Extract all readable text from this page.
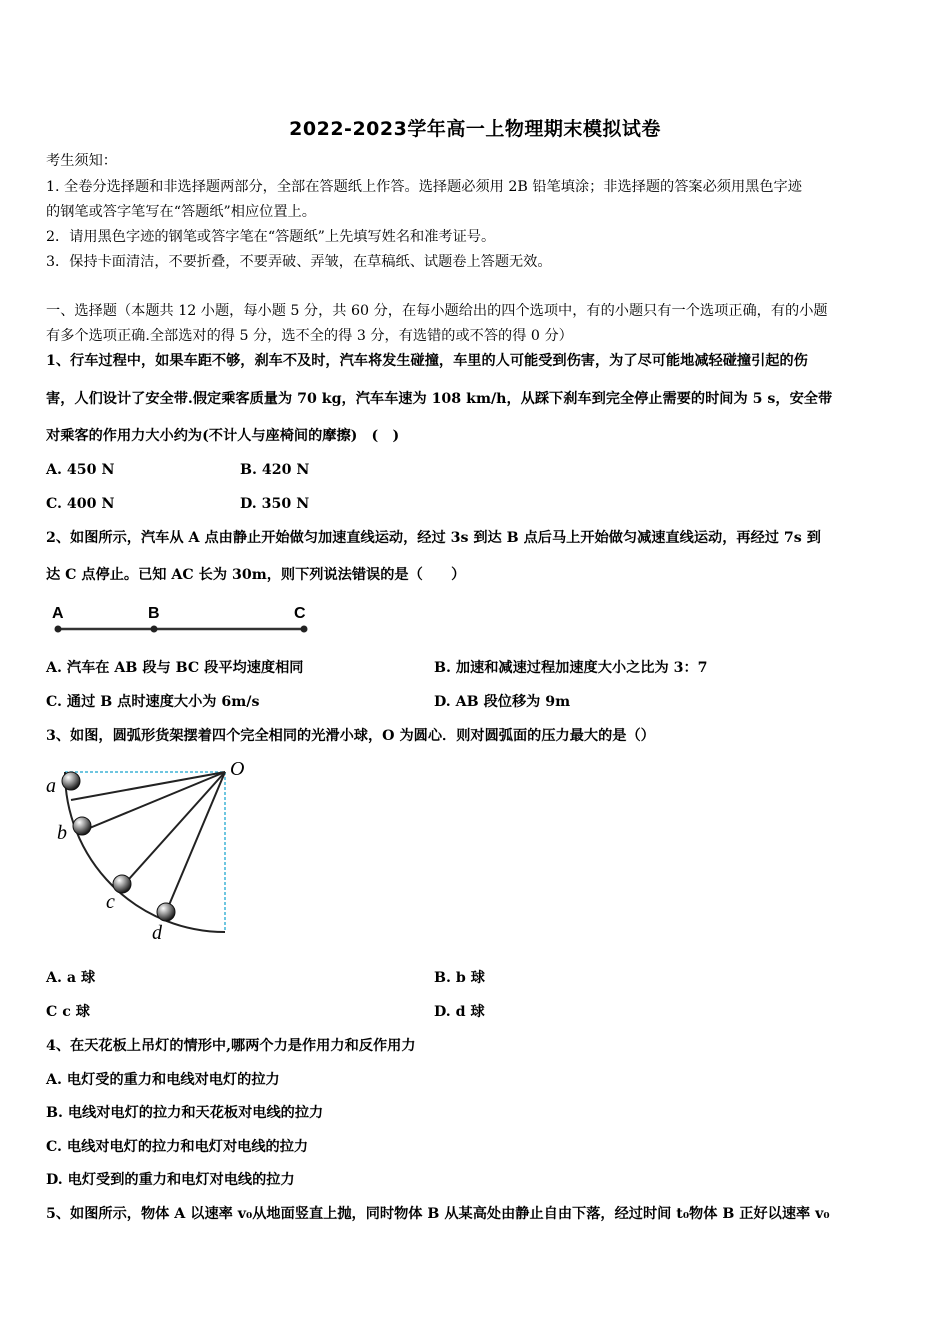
2022-2023学年高一上物理期末模拟试卷
考生须知：
1. 全卷分选择题和非选择题两部分，全部在答题纸上作答。选择题必须用 2B 铅笔填涂；非选择题的答案必须用黑色字迹
的钢笔或答字笔写在“答题纸”相应位置上。
2．请用黑色字迹的钢笔或答字笔在“答题纸”上先填写姓名和准考证号。
3．保持卡面清洁，不要折叠，不要弄破、弄皱，在草稿纸、试题卷上答题无效。
一、选择题（本题共 12 小题，每小题 5 分，共 60 分，在每小题给出的四个选项中，有的小题只有一个选项正确，有的小题
有多个选项正确.全部选对的得 5 分，选不全的得 3 分，有选错的或不答的得 0 分）
1、行车过程中，如果车距不够，刹车不及时，汽车将发生碰撞，车里的人可能受到伤害，为了尽可能地减轻碰撞引起的伤
害，人们设计了安全带.假定乘客质量为 70 kg，汽车车速为 108 km/h，从踩下刹车到完全停止需要的时间为 5 s，安全带
对乘客的作用力大小约为(不计人与座椅间的摩擦)　(　)
A. 450 N	B. 420 N
C. 400 N	D. 350 N
2、如图所示，汽车从 A 点由静止开始做匀加速直线运动，经过 3s 到达 B 点后马上开始做匀减速直线运动，再经过 7s 到
达 C 点停止。已知 AC 长为 30m，则下列说法错误的是（　　）
A	B	C
A. 汽车在 AB 段与 BC 段平均速度相同	B. 加速和减速过程加速度大小之比为 3：7
C. 通过 B 点时速度大小为 6m/s	D. AB 段位移为 9m
3、如图，圆弧形货架摆着四个完全相同的光滑小球，O 为圆心．则对圆弧面的压力最大的是（）
O
a
b
c
d
A. a 球	B. b 球
C c 球	D. d 球
4、在天花板上吊灯的情形中,哪两个力是作用力和反作用力
A. 电灯受的重力和电线对电灯的拉力
B. 电线对电灯的拉力和天花板对电线的拉力
C. 电线对电灯的拉力和电灯对电线的拉力
D. 电灯受到的重力和电灯对电线的拉力
5、如图所示，物体 A 以速率 v₀从地面竖直上抛，同时物体 B 从某高处由静止自由下落，经过时间 t₀物体 B 正好以速率 v₀
